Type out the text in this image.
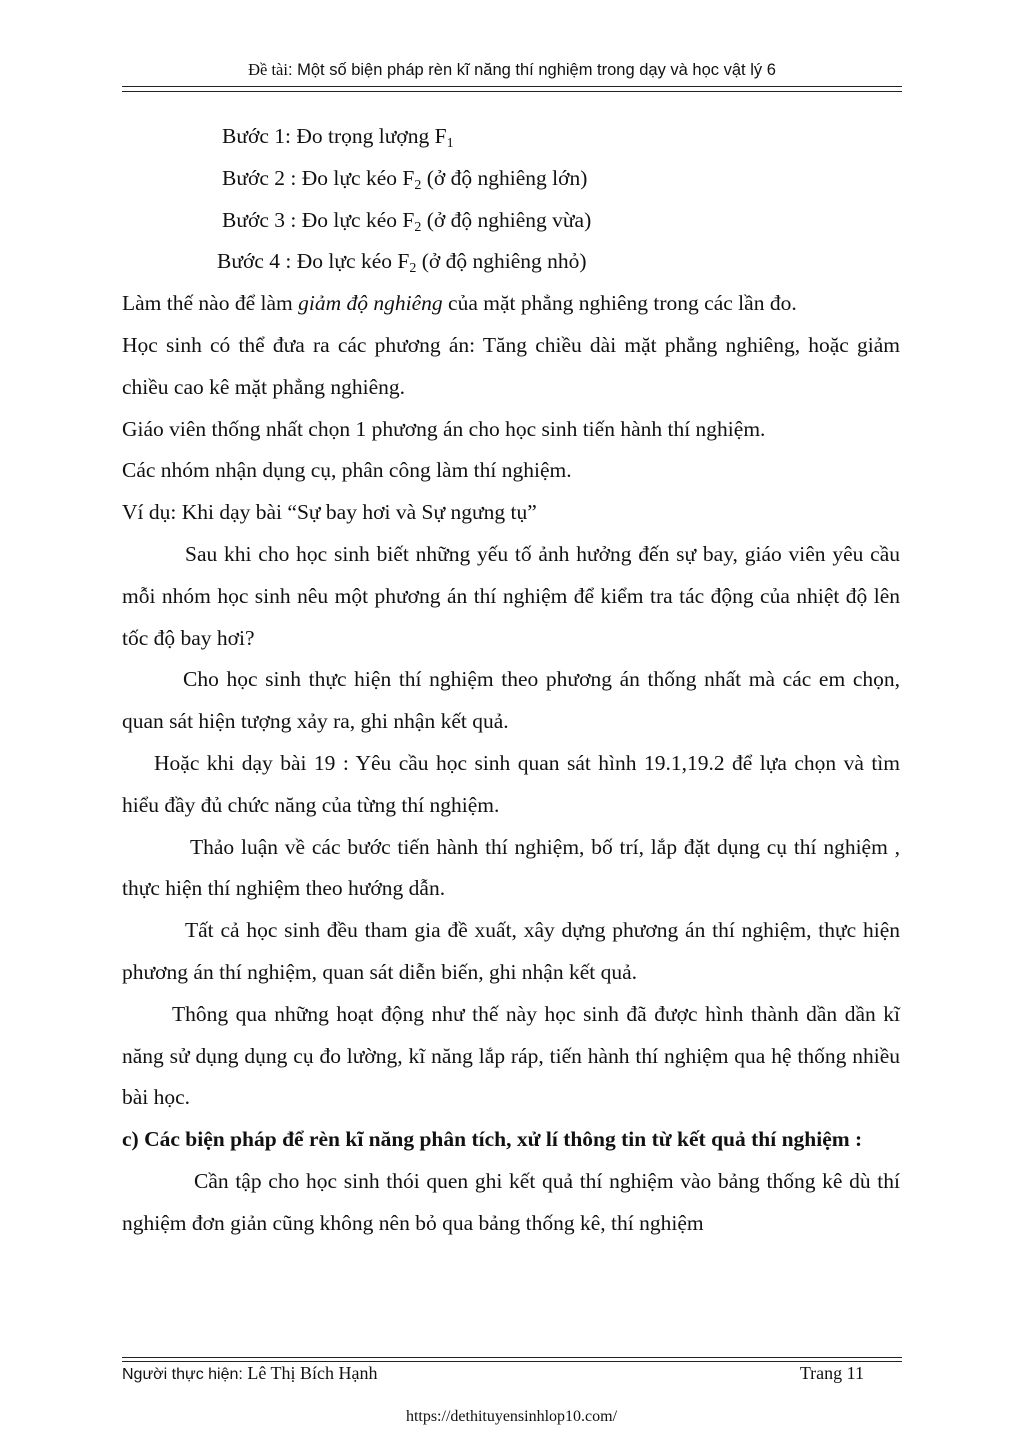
Đề tài: Một số biện pháp rèn kĩ năng thí nghiệm trong dạy và học vật lý 6

Bước 1: Đo trọng lượng $F_1$

Bước 2 : Đo lực kéo $F_2$ (ở độ nghiêng lớn)

Bước 3 : Đo lực kéo $F_2$ (ở độ nghiêng vừa)

Bước 4 : Đo lực kéo $F_2$ (ở độ nghiêng nhỏ)

Làm thế nào để làm giảm độ nghiêng của mặt phẳng nghiêng trong các lần đo.

Học sinh có thể đưa ra các phương án: Tăng chiều dài mặt phẳng nghiêng, hoặc giảm chiều cao kê mặt phẳng nghiêng.

Giáo viên thống nhất chọn 1 phương án cho học sinh tiến hành thí nghiệm.

Các nhóm nhận dụng cụ, phân công làm thí nghiệm.

Ví dụ: Khi dạy bài “Sự bay hơi và Sự ngưng tụ”

Sau khi cho học sinh biết những yếu tố ảnh hưởng đến sự bay, giáo viên yêu cầu mỗi nhóm học sinh nêu một phương án thí nghiệm để kiểm tra tác động của nhiệt độ lên tốc độ bay hơi?

Cho học sinh thực hiện thí nghiệm theo phương án thống nhất mà các em chọn, quan sát hiện tượng xảy ra, ghi nhận kết quả.

Hoặc khi dạy bài 19 : Yêu cầu học sinh quan sát hình 19.1,19.2 để lựa chọn và tìm hiểu đầy đủ chức năng của từng thí nghiệm.

Thảo luận về các bước tiến hành thí nghiệm, bố trí, lắp đặt dụng cụ thí nghiệm , thực hiện thí nghiệm theo hướng dẫn.

Tất cả học sinh đều tham gia đề xuất, xây dựng phương án thí nghiệm, thực hiện phương án thí nghiệm, quan sát diễn biến, ghi nhận kết quả.

Thông qua những hoạt động như thế này học sinh đã được hình thành dần dần kĩ năng sử dụng dụng cụ đo lường, kĩ năng lắp ráp, tiến hành thí nghiệm qua hệ thống nhiều bài học.

c) Các biện pháp để rèn kĩ năng phân tích, xử lí thông tin từ kết quả thí nghiệm :

Cần tập cho học sinh thói quen ghi kết quả thí nghiệm vào bảng thống kê dù thí nghiệm đơn giản cũng không nên bỏ qua bảng thống kê, thí nghiệm

Người thực hiện: Lê Thị Bích Hạnh	Trang 11
https://dethituyensinhlop10.com/
